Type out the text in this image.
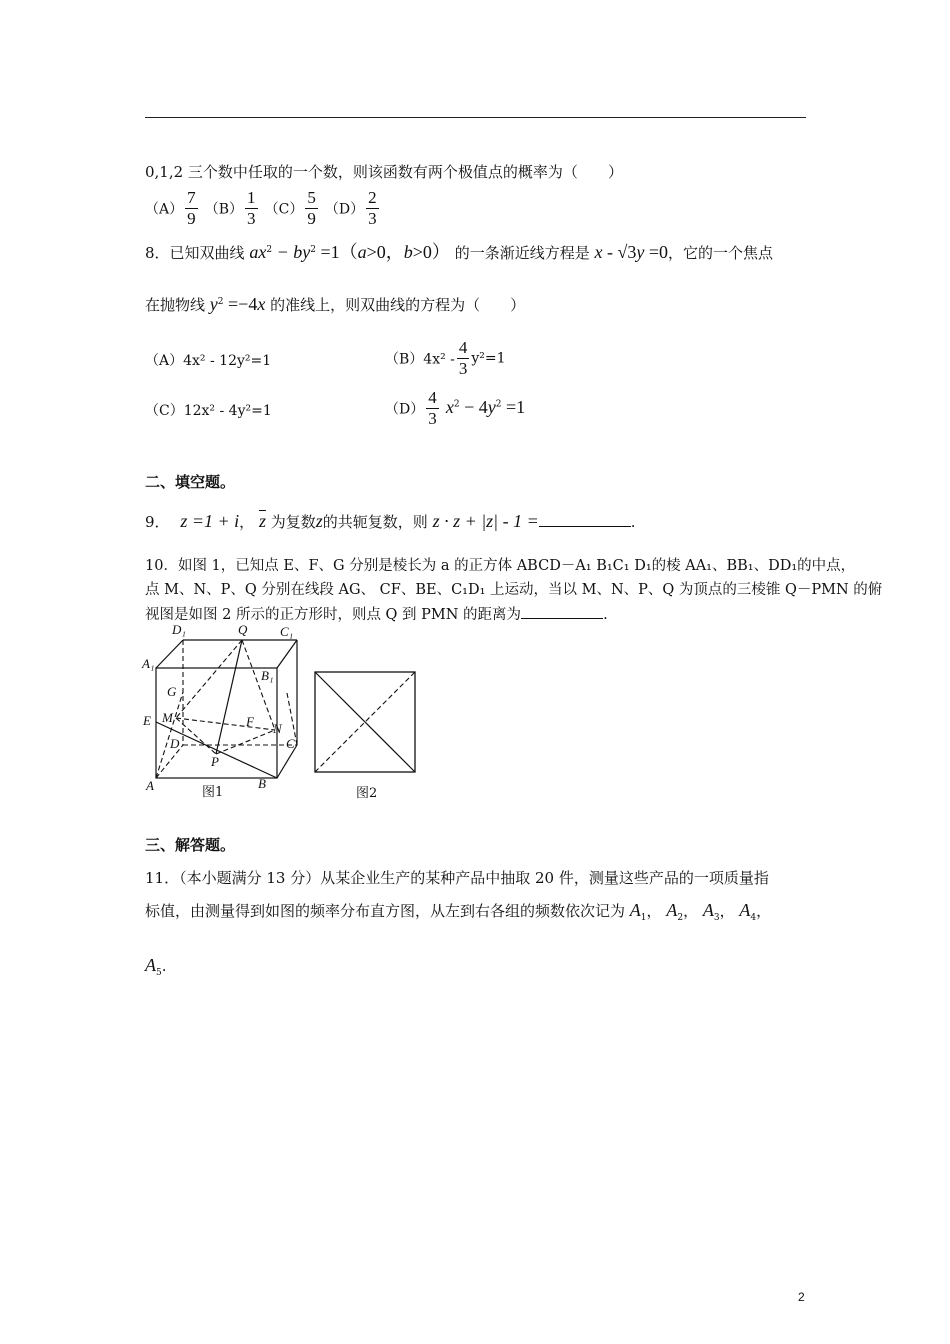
0,1,2 三个数中任取的一个数，则该函数有两个极值点的概率为（　　）
$(A) \frac{7}{9} (B) \frac{1}{3} (C) \frac{5}{9} (D) \frac{2}{3}$
8．已知双曲线 $ax^2 - by^2 =1(a>0$，b>0） 的一条渐近线方程是 x - √3y =0，它的一个焦点
在抛物线 $y^2 =-4x$ 的准线上，则双曲线的方程为（　　）
（A）4x² - 12y²=1	$(B)4x^2 - \frac{4}{3} y^2=1$
（C）12x² - 4y²=1	$(D) \frac{4}{3} x^2 - 4y^2 =1$
二、填空题。
9． z =1 + i， $\overline{z}$ 为复数z的共轭复数，则 z · z + |z| - 1 =	.
10．如图 1，已知点 E、F、G 分别是棱长为 a 的正方体 ABCD－A₁ B₁C₁ D₁的棱 AA₁、BB₁、DD₁的中点，
点 M、N、P、Q 分别在线段 AG、 CF、BE、C₁D₁ 上运动，当以 M、N、P、Q 为顶点的三棱锥 Q－PMN 的俯
视图是如图 2 所示的正方形时，则点 Q 到 PMN 的距离为	.
D₁	Q	C₁
A₁
B₁
G
E M	F N
D	C
P
A	B
图1	图2
三、解答题。
11．（本小题满分 13 分）从某企业生产的某种产品中抽取 20 件，测量这些产品的一项质量指
标值，由测量得到如图的频率分布直方图，从左到右各组的频数依次记为 $A_1$， $A_2$， $A_3$， $A_4$，
$A_5$.
2
